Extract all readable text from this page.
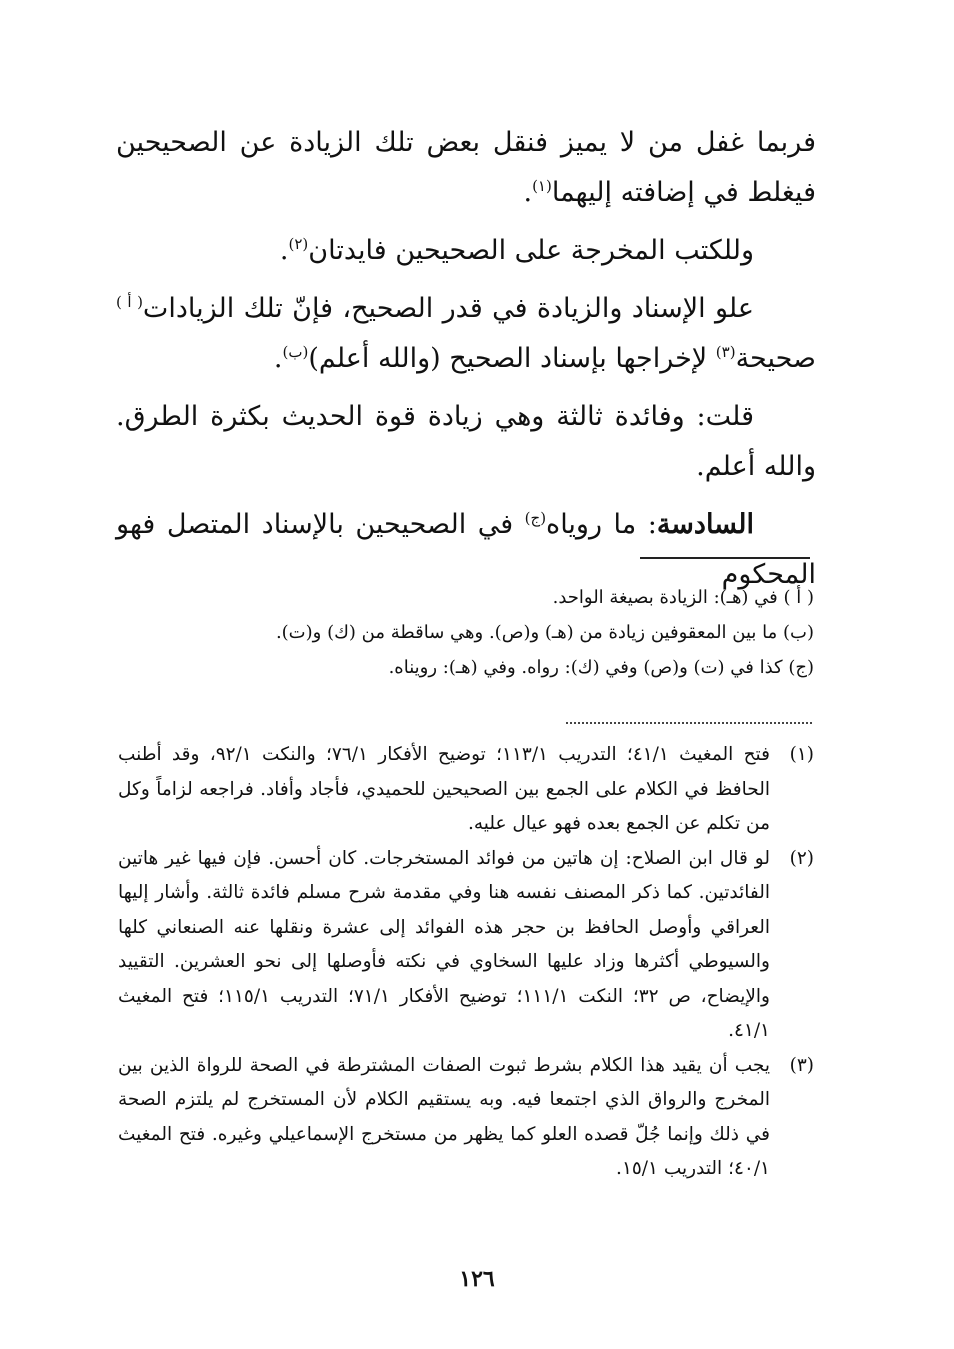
فربما غفل من لا يميز فنقل بعض تلك الزيادة عن الصحيحين فيغلط في إضافته إليهما$^{(١)}$.

وللكتب المخرجة على الصحيحين فايدتان$^{(٢)}$.

علو الإسناد والزيادة في قدر الصحيح، فإنّ تلك الزيادات$^{( أ )}$ صحيحة$^{(٣)}$ لإخراجها بإسناد الصحيح (والله أعلم)$^{(ب)}$.

قلت: وفائدة ثالثة وهي زيادة قوة الحديث بكثرة الطرق. والله أعلم.

السادسة: ما روياه$^{(ج)}$ في الصحيحين بالإسناد المتصل فهو المحكوم

( أ ) في (هـ): الزيادة بصيغة الواحد.
(ب) ما بين المعقوفين زيادة من (هـ) و(ص). وهي ساقطة من (ك) و(ت).
(ج) كذا في (ت) و(ص) وفي (ك): رواه. وفي (هـ): رويناه.
(١)
فتح المغيث ٤١/١؛ التدريب ١١٣/١؛ توضيح الأفكار ٧٦/١؛ والنكت ٩٢/١، وقد أطنب الحافظ في الكلام على الجمع بين الصحيحين للحميدي، فأجاد وأفاد. فراجعه لزاماً وكل من تكلم عن الجمع بعده فهو عيال عليه.
(٢)
لو قال ابن الصلاح: إن هاتين من فوائد المستخرجات. كان أحسن. فإن فيها غير هاتين الفائدتين. كما ذكر المصنف نفسه هنا وفي مقدمة شرح مسلم فائدة ثالثة. وأشار إليها العراقي وأوصل الحافظ بن حجر هذه الفوائد إلى عشرة ونقلها عنه الصنعاني كلها والسيوطي أكثرها وزاد عليها السخاوي في نكته فأوصلها إلى نحو العشرين. التقييد والإيضاح، ص ٣٢؛ النكت ١١١/١؛ توضيح الأفكار ٧١/١؛ التدريب ١١٥/١؛ فتح المغيث ٤١/١.
(٣)
يجب أن يقيد هذا الكلام بشرط ثبوت الصفات المشترطة في الصحة للرواة الذين بين المخرج والرواق الذي اجتمعا فيه. وبه يستقيم الكلام لأن المستخرج لم يلتزم الصحة في ذلك وإنما جُلّ قصده العلو كما يظهر من مستخرج الإسماعيلي وغيره. فتح المغيث ٤٠/١؛ التدريب ١٥/١.
١٢٦
